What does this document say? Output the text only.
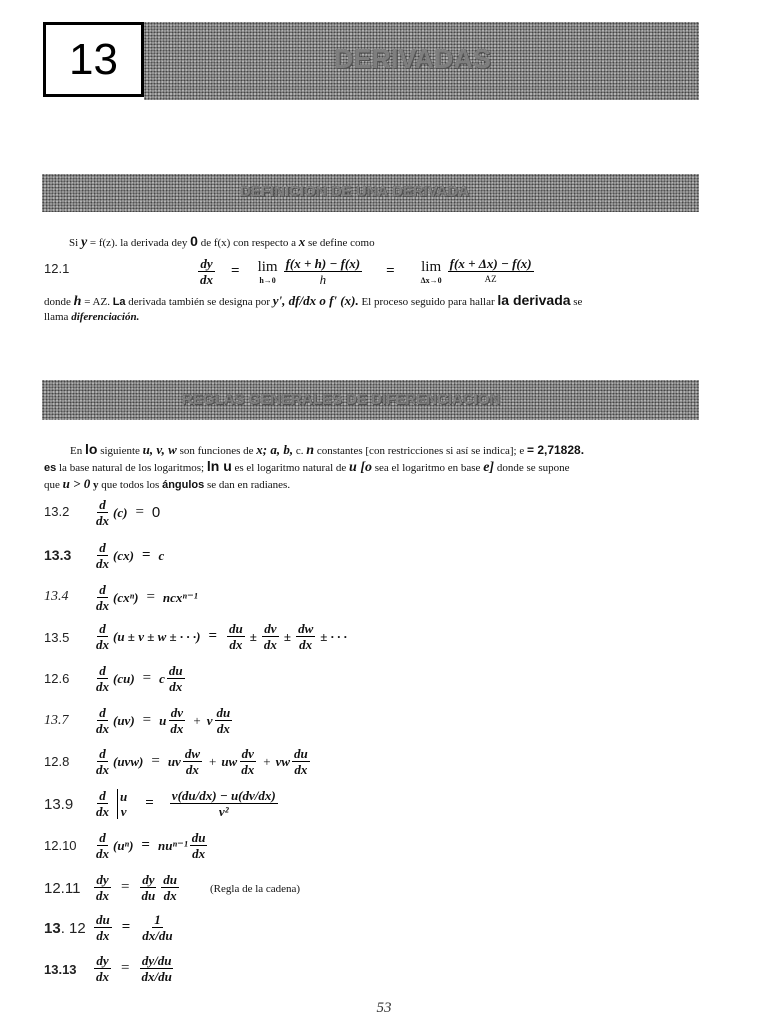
13	DERIVADAS
DEFINICION DE UNA DERIVADA
Si y = f(z). la derivada dey 0 de f(x) con respecto a x se define como
12.1	$\frac{dy}{dx} = \lim$
$h\to 0 \frac{f(x + h) - f(x)}{h} = \lim$
$\Delta x\to 0 \frac{f(x + \Delta x) - f(x)}{AZ}$
donde h = AZ. La derivada también se designa por y', df/dx o f' (x). El proceso seguido para hallar la derivada se
llama diferenciación.
REGLAS GENERALES DE DIFERENCIACION
En lo siguiente u, v, w son funciones de x; a, b, c. n constantes [con restricciones si así se indica]; e = 2,71828.
es la base natural de los logaritmos; ln u es el logaritmo natural de u [o sea el logaritmo en base e] donde se supone
que u > 0 y que todos los ángulos se dan en radianes.
$13.2 \frac{d}{dx} (c) = 0$
$13.3 \frac{d}{dx} (cx) = c$
$13.4 \frac{d}{dx} (cx^n) = ncx^{n-1}$
$13.5 \frac{d}{dx} (u \pm v \pm w$ ± · · ·) = $\frac{du}{dx} \pm \frac{dv}{dx} \pm \frac{dw}{dx}$ ± · · ·
$12.6 \frac{d}{dx} (cu) = c \frac{du}{dx}$
$13.7 \frac{d}{dx} (uv) = u \frac{dv}{dx} + v \frac{du}{dx}$
$12.8 \frac{d}{dx} (uvw)$ = uv $\frac{dw}{dx}$ + uw $\frac{dv}{dx}$ + vw $\frac{du}{dx}$
$13.9 \frac{d}{dx}$ u
$v = \frac{v(du/dx) - u(dv/dx)}{\text{v²}}$
$12.10 \frac{d}{dx} (u^n) = nu^{n-1} \frac{du}{dx}$
$12.11 \frac{dy}{dx} = \frac{dy}{du} \frac{du}{dx}$	(Regla de la cadena)
13. $12 \frac{du}{dx} = \frac{1}{dx/du}$
$13.13 \frac{dy}{dx} = \frac{dy/du}{dx/du}$
53
